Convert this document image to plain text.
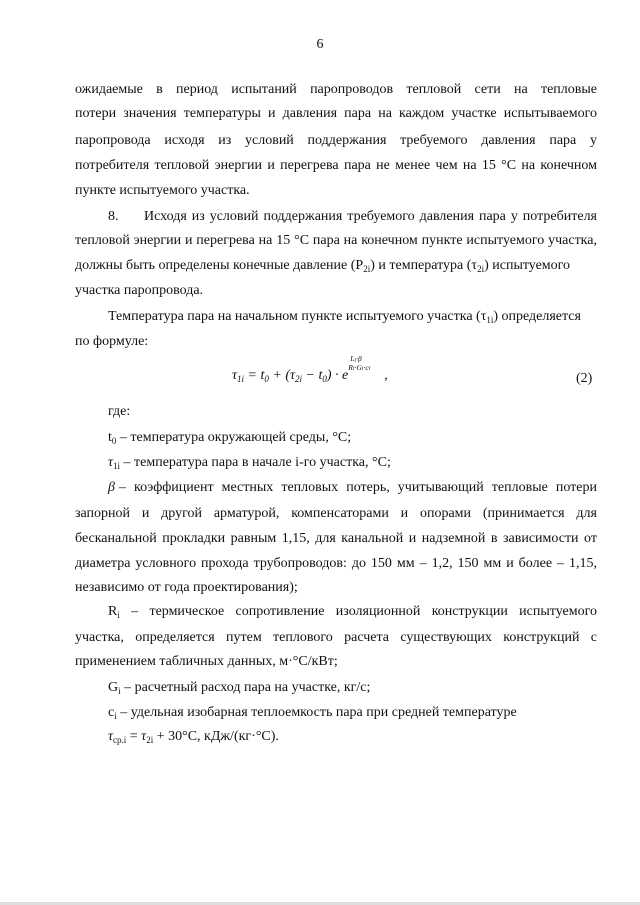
6
ожидаемые в период испытаний паропроводов тепловой сети на тепловые
потери значения температуры и давления пара на каждом участке испытываемого
паропровода исходя из условий поддержания требуемого давления пара у
потребителя тепловой энергии и перегрева пара не менее чем на 15 °С на конечном
пункте испытуемого участка.
8.	Исходя из условий поддержания требуемого давления пара у потребителя
тепловой энергии и перегрева на 15 °С пара на конечном пункте испытуемого участка,
должны быть определены конечные давление $(P_{2i})$ и температура $(\tau_{2i})$ испытуемого
участка паропровода.
Температура пара на начальном пункте испытуемого участка $(\tau_{1i})$ определяется
по формуле:
$\tau_{1i} = t_0 + (\tau_{2i} - t_0) \cdot e$
Li·β
Ri·Gi·ci ,	(2)
где:
$t_0$ – температура окружающей среды, °С;
$\tau_{1i}$ – температура пара в начале i-го участка, °С;
β – коэффициент местных тепловых потерь, учитывающий тепловые потери
запорной и другой арматурой, компенсаторами и опорами (принимается для
бесканальной прокладки равным 1,15, для канальной и надземной в зависимости от
диаметра условного прохода трубопроводов: до 150 мм – 1,2, 150 мм и более – 1,15,
независимо от года проектирования);
$R_i$ – термическое сопротивление изоляционной конструкции испытуемого
участка, определяется путем теплового расчета существующих конструкций с
применением табличных данных, м·°С/кВт;
$G_i$ – расчетный расход пара на участке, кг/с;
$c_i$ – удельная изобарная теплоемкость пара при средней температуре
$\tau_{ср.i} = \tau_{2i} + 30^\circ С$, кДж/(кг·°С).
